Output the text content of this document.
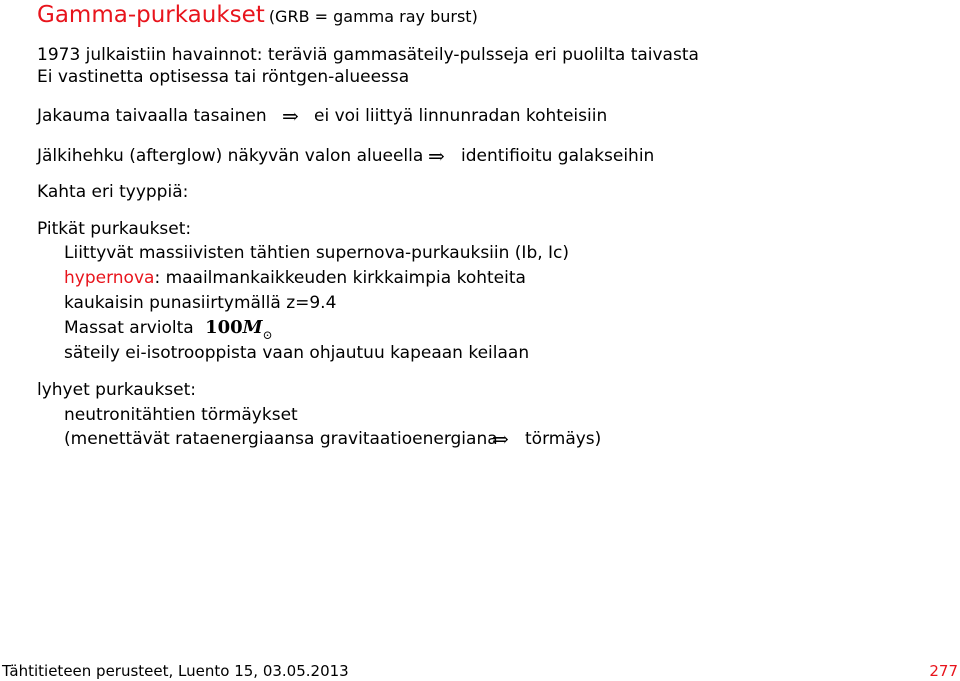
Gamma-purkaukset (GRB = gamma ray burst)
1973 julkaistiin havainnot: teräviä gammasäteily-pulsseja eri puolilta taivasta
Ei vastinetta optisessa tai röntgen-alueessa
Jakauma taivaalla tasainen ⇒ ei voi liittyä linnunradan kohteisiin
Jälkihehku (afterglow) näkyvän valon alueella ⇒ identifioitu galakseihin
Kahta eri tyyppiä:
Pitkät purkaukset:
Liittyvät massiivisten tähtien supernova-purkauksiin (Ib, Ic)
hypernova: maailmankaikkeuden kirkkaimpia kohteita
kaukaisin punasiirtymällä z=9.4
Massat arviolta $100M_⊙$
säteily ei-isotrooppista vaan ohjautuu kapeaan keilaan
lyhyet purkaukset:
neutronitähtien törmäykset
(menettävät rataenergiaansa gravitaatioenergiana
⇒ törmäys)
Tähtitieteen perusteet, Luento 15, 03.05.2013	277
